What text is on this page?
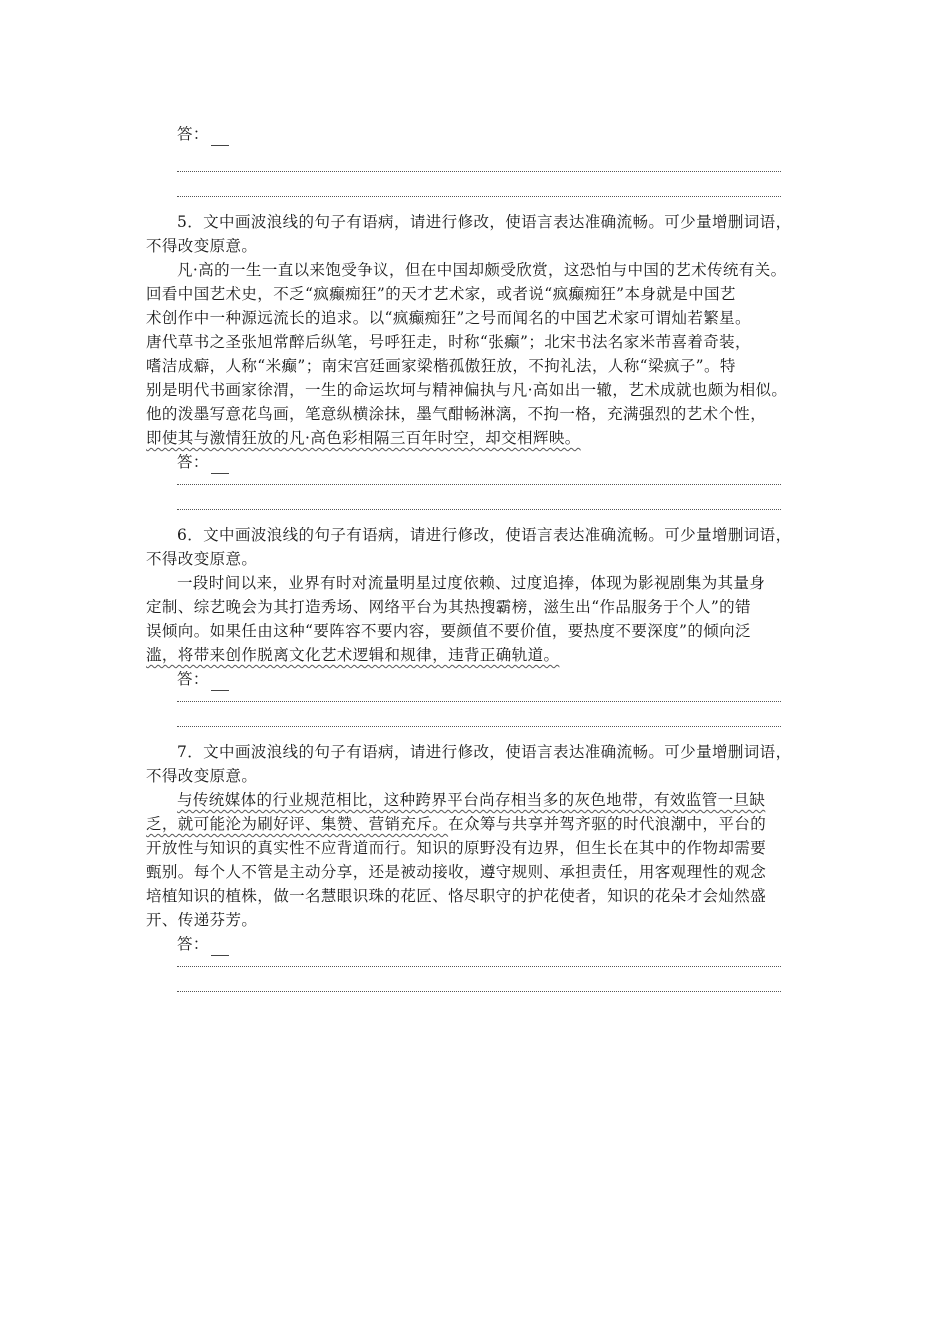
答：
5．文中画波浪线的句子有语病，请进行修改，使语言表达准确流畅。可少量增删词语，
不得改变原意。
凡·高的一生一直以来饱受争议，但在中国却颇受欣赏，这恐怕与中国的艺术传统有关。
回看中国艺术史，不乏“疯癫痴狂”的天才艺术家，或者说“疯癫痴狂”本身就是中国艺
术创作中一种源远流长的追求。以“疯癫痴狂”之号而闻名的中国艺术家可谓灿若繁星。
唐代草书之圣张旭常醉后纵笔，号呼狂走，时称“张癫”；北宋书法名家米芾喜着奇装，
嗜洁成癖，人称“米癫”；南宋宫廷画家梁楷孤傲狂放，不拘礼法，人称“梁疯子”。特
别是明代书画家徐渭，一生的命运坎坷与精神偏执与凡·高如出一辙，艺术成就也颇为相似。
他的泼墨写意花鸟画，笔意纵横涂抹，墨气酣畅淋漓，不拘一格，充满强烈的艺术个性，
即使其与激情狂放的凡·高色彩相隔三百年时空，却交相辉映。
答：
6．文中画波浪线的句子有语病，请进行修改，使语言表达准确流畅。可少量增删词语，
不得改变原意。
一段时间以来，业界有时对流量明星过度依赖、过度追捧，体现为影视剧集为其量身
定制、综艺晚会为其打造秀场、网络平台为其热搜霸榜，滋生出“作品服务于个人”的错
误倾向。如果任由这种“要阵容不要内容，要颜值不要价值，要热度不要深度”的倾向泛
滥，将带来创作脱离文化艺术逻辑和规律，违背正确轨道。
答：
7．文中画波浪线的句子有语病，请进行修改，使语言表达准确流畅。可少量增删词语，
不得改变原意。
与传统媒体的行业规范相比，这种跨界平台尚存相当多的灰色地带，有效监管一旦缺
乏，就可能沦为刷好评、集赞、营销充斥。在众筹与共享并驾齐驱的时代浪潮中，平台的
开放性与知识的真实性不应背道而行。知识的原野没有边界，但生长在其中的作物却需要
甄别。每个人不管是主动分享，还是被动接收，遵守规则、承担责任，用客观理性的观念
培植知识的植株，做一名慧眼识珠的花匠、恪尽职守的护花使者，知识的花朵才会灿然盛
开、传递芬芳。
答：
